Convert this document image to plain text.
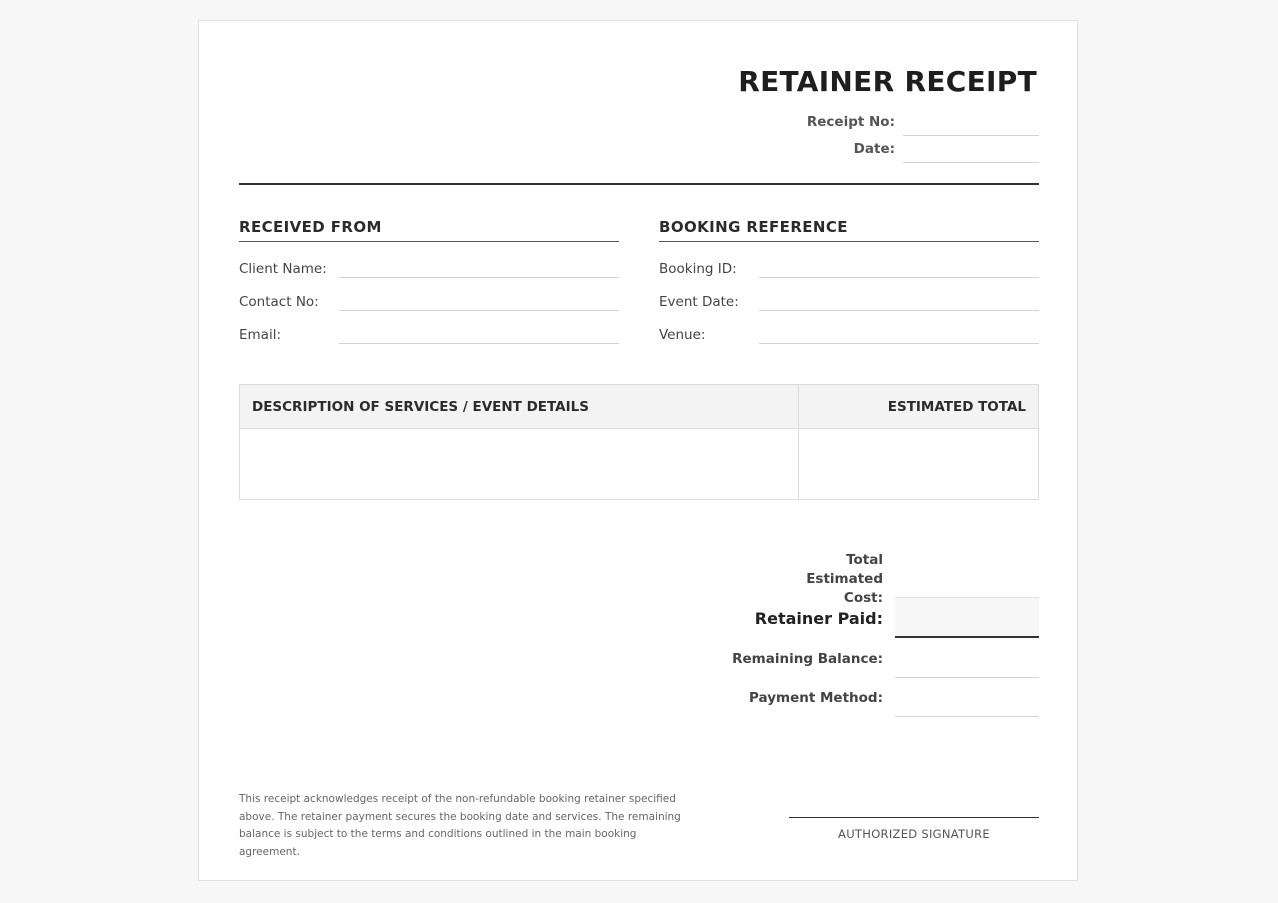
RETAINER RECEIPT
Receipt No:
Date:
RECEIVED FROM
Client Name:
Contact No:
Email:
BOOKING REFERENCE
Booking ID:
Event Date:
Venue:
DESCRIPTION OF SERVICES / EVENT DETAILS	ESTIMATED TOTAL
Total Estimated Cost:
Retainer Paid:
Remaining Balance:
Payment Method:
This receipt acknowledges receipt of the non-refundable booking retainer specified above. The retainer payment secures the booking date and services. The remaining balance is subject to the terms and conditions outlined in the main booking agreement.
AUTHORIZED SIGNATURE
